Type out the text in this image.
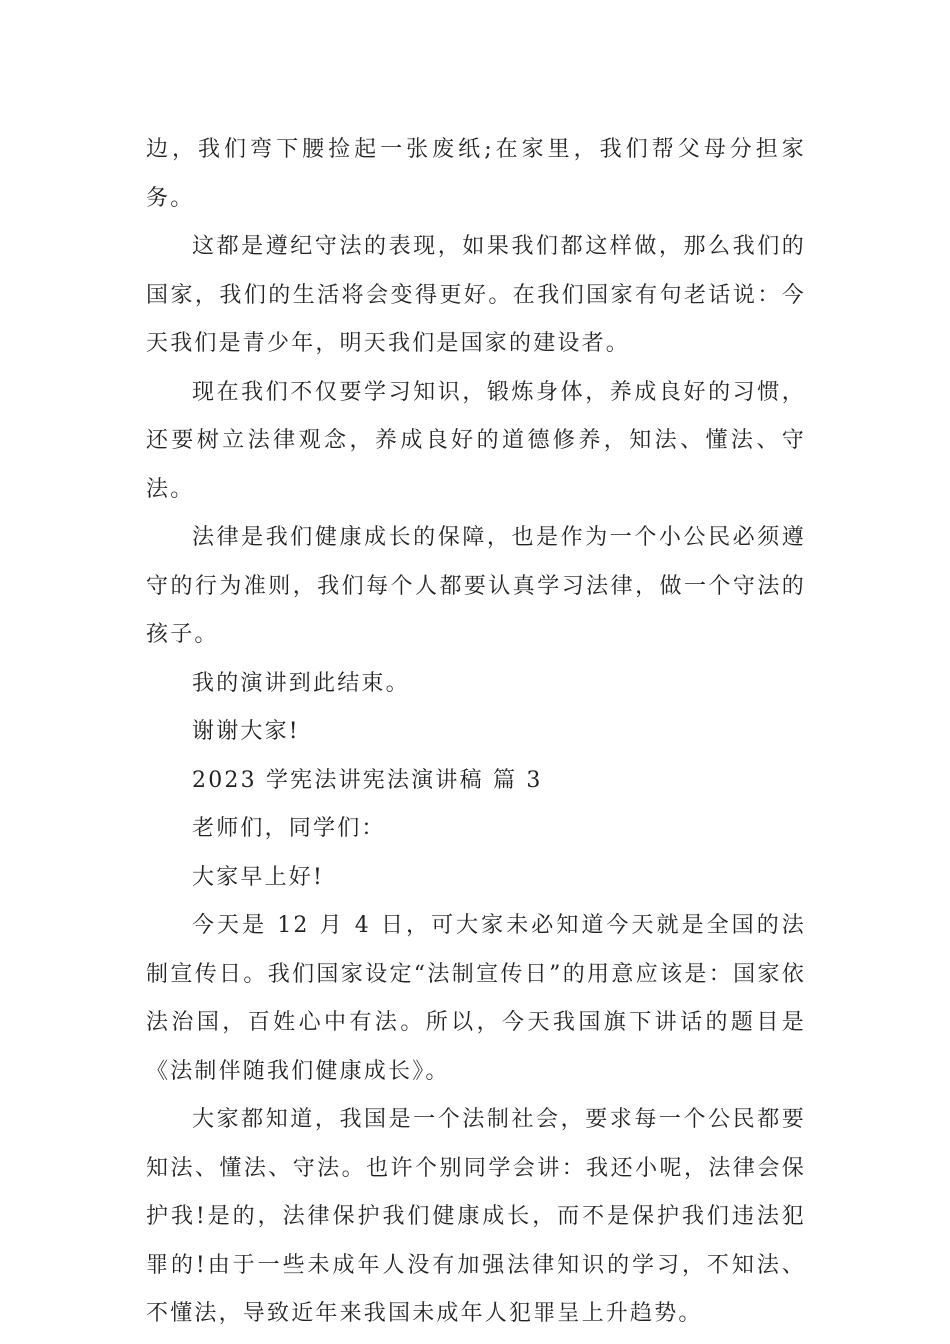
边，我们弯下腰捡起一张废纸;在家里，我们帮父母分担家务。

这都是遵纪守法的表现，如果我们都这样做，那么我们的国家，我们的生活将会变得更好。在我们国家有句老话说：今天我们是青少年，明天我们是国家的建设者。

现在我们不仅要学习知识，锻炼身体，养成良好的习惯，还要树立法律观念，养成良好的道德修养，知法、懂法、守法。

法律是我们健康成长的保障，也是作为一个小公民必须遵守的行为准则，我们每个人都要认真学习法律，做一个守法的孩子。

我的演讲到此结束。

谢谢大家!

2023 学宪法讲宪法演讲稿 篇 3

老师们，同学们：

大家早上好!

今天是 12 月 4 日，可大家未必知道今天就是全国的法制宣传日。我们国家设定“法制宣传日”的用意应该是：国家依法治国，百姓心中有法。所以，今天我国旗下讲话的题目是《法制伴随我们健康成长》。

大家都知道，我国是一个法制社会，要求每一个公民都要知法、懂法、守法。也许个别同学会讲：我还小呢，法律会保护我!是的，法律保护我们健康成长，而不是保护我们违法犯罪的!由于一些未成年人没有加强法律知识的学习，不知法、不懂法，导致近年来我国未成年人犯罪呈上升趋势。
